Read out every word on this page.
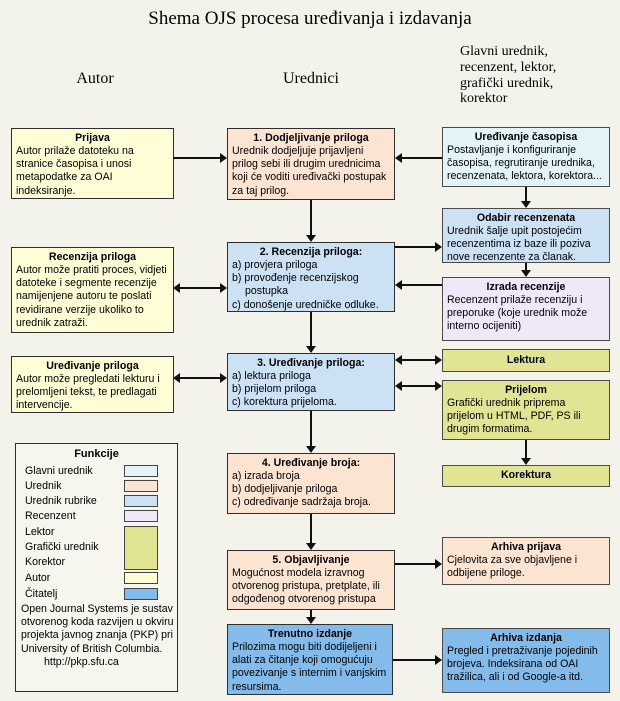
Shema OJS procesa uređivanja i izdavanja
Autor	Urednici
Glavni urednik, recenzent, lektor, grafički urednik, korektor
Prijava
Autor prilaže datoteku na stranice časopisa i unosi metapodatke za OAI indeksiranje.
Recenzija priloga
Autor može pratiti proces, vidjeti datoteke i segmente recenzije namijenjene autoru te poslati revidirane verzije ukoliko to urednik zatraži.
Uređivanje priloga
Autor može pregledati lekturu i prelomljeni tekst, te predlagati intervencije.
1. Dodjeljivanje priloga
Urednik dodjeljuje prijavljeni prilog sebi ili drugim urednicima koji će voditi uređivački postupak za taj prilog.
2. Recenzija priloga:
a) provjera priloga
b) provođenje recenzijskog postupka
c) donošenje uredničke odluke.
3. Uređivanje priloga:
a) lektura priloga
b) prijelom priloga
c) korektura prijeloma.
4. Uređivanje broja:
a) izrada broja
b) dodjeljivanje priloga
c) određivanje sadržaja broja.
5. Objavljivanje
Mogućnost modela izravnog otvorenog pristupa, pretplate, ili odgođenog otvorenog pristupa
Trenutno izdanje
Prilozima mogu biti dodijeljeni i alati za čitanje koji omogućuju povezivanje s internim i vanjskim resursima.
Uređivanje časopisa
Postavljanje i konfiguriranje časopisa, regrutiranje urednika, recenzenata, lektora, korektora...
Odabir recenzenata
Urednik šalje upit postojećim recenzentima iz baze ili poziva nove recenzente za članak.
Izrada recenzije
Recenzent prilaže recenziju i preporuke (koje urednik može interno ocijeniti)
Lektura
Prijelom
Grafički urednik priprema prijelom u HTML, PDF, PS ili drugim formatima.
Korektura
Arhiva prijava
Cjelovita za sve objavljene i odbijene priloge.
Arhiva izdanja
Pregled i pretraživanje pojedinih brojeva. Indeksirana od OAI tražilica, ali i od Google-a itd.
Funkcije
Glavni urednik
Urednik
Urednik rubrike
Recenzent
Lektor
Grafički urednik
Korektor
Autor
Čitatelj
Open Journal Systems je sustav otvorenog koda razvijen u okviru projekta javnog znanja (PKP) pri University of British Columbia.
http://pkp.sfu.ca
